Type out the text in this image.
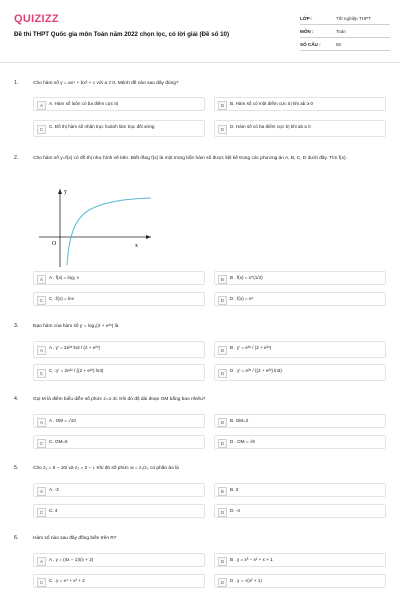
QUIZIZZ
Đề thi THPT Quốc gia môn Toán năm 2022 chọn lọc, có lời giải (Đề số 10)
LỚP :	Tốt nghiệp THPT
MÔN :	Toán
SỐ CÂU :	50
1.	Cho hàm số y = ax⁴ + bx² + c với a ≠ 0. Mệnh đề nào sau đây đúng?
A	A. Hàm số luôn có ba điểm cực trị	B	B. Hàm số có một điểm cực trị khi ab ≥ 0
C
C. Đồ thị hàm số nhận trục hoành làm trục đối xứng
D
D. Hàm số có ba điểm cực trị khi ab ≤ 0
2.	Cho hàm số y=f(x) có đồ thị như hình vẽ bên. Biết rằng f(x) là một trong bốn hàm số được liệt kê trong các phương án A, B, C, D dưới đây. Tìm f(x).
y
x
O
A	A . f(x) = log₂ x	B	B . f(x) = x^(1/2)
C	C . f(x) = lnx	D	D . f(x) = eˣ
3.	Đạo hàm của hàm số y = log₃(2 + e²ˣ) là
A
A . y' = 2e²ˣ ln3 / (2 + e²ˣ)
B
B . y' = e²ˣ / (2 + e²ˣ)
C
C . y' = 2e²ˣ / ((2 + e²ˣ) ln3)
D
D . y' = e²ˣ / ((2 + e²ˣ) ln3)
4.	Gọi M là điểm biểu diễn số phức z=1-3i. Khi đó độ dài đoạn OM bằng bao nhiêu?
A	A . OM = √10	B	B. OM=2
C	C. OM=5	D	D . OM = √8
5.	Cho z₁ = 5 − 10i và z₂ = 2 − i. Khi đó số phức w = z₁/z₂ có phần ảo là
A	A. -3	B	B. 3
C	C. 4	D	D. -4
6.	Hàm số nào sau đây đồng biến trên R?
A	A . y = (4x − 1)/(x + 2)	B	B . y = x³ − x² + x + 1
C	C . y = x⁴ + x² + 2	D	D . y = √(x² + 1)
